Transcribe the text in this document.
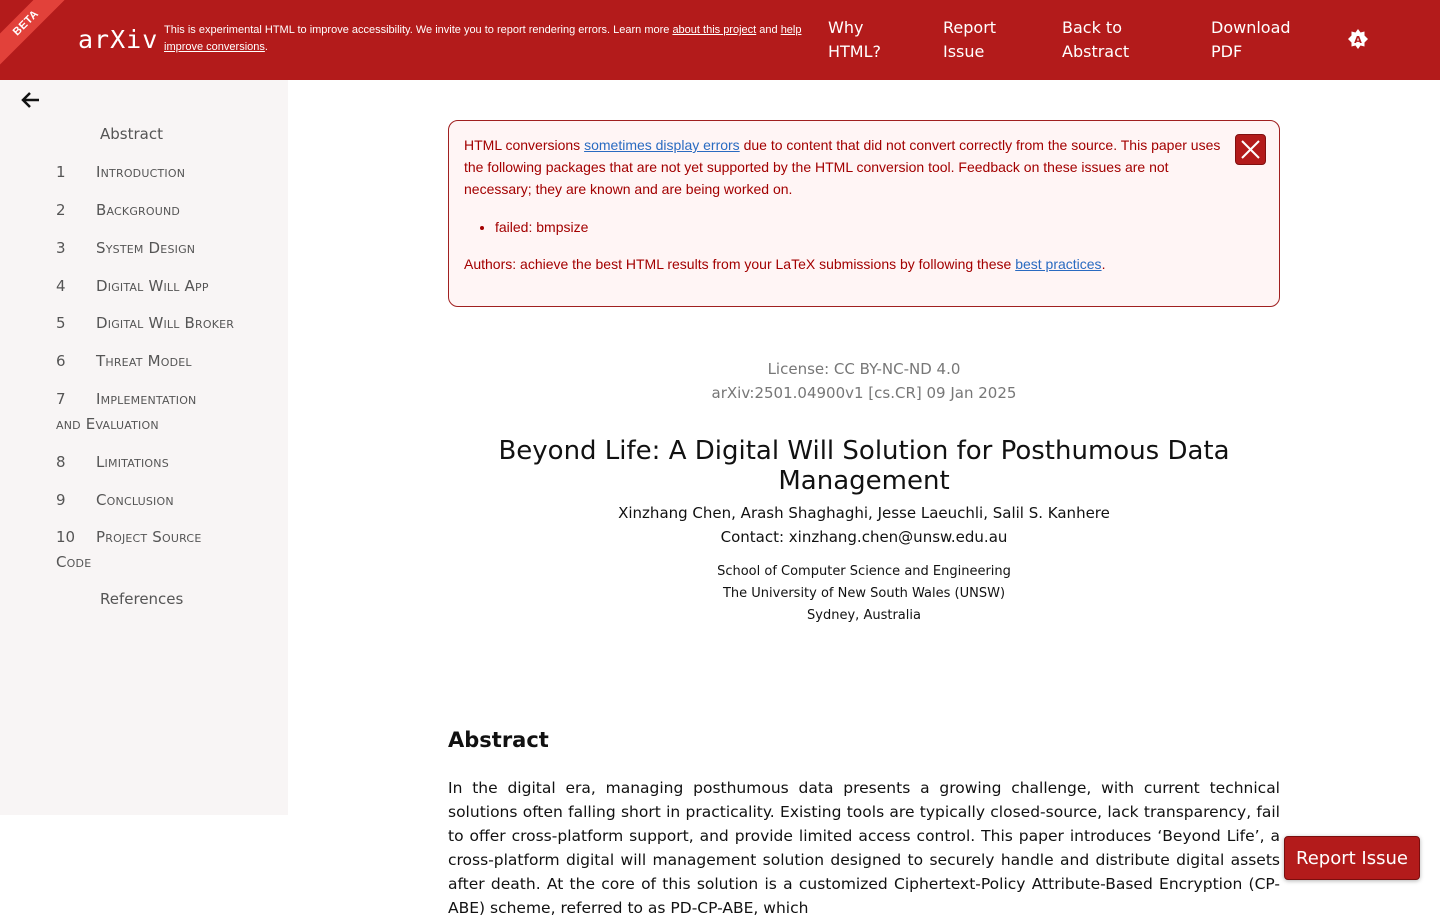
BETA
arXiv This is experimental HTML to improve accessibility. We invite you to report rendering errors. Learn more about this project and help improve conversions.
Why
HTML?
Report
Issue
Back to
Abstract
Download
PDF
A
Abstract
1 Introduction
2 Background
3 System Design
4 Digital Will App
5 Digital Will Broker
6 Threat Model
7 Implementation
and Evaluation
8 Limitations
9 Conclusion
10 Project Source
Code
References
HTML conversions sometimes display errors due to content that did not convert correctly from the source. This paper uses the following packages that are not yet supported by the HTML conversion tool. Feedback on these issues are not necessary; they are known and are being worked on.
• failed: bmpsize
Authors: achieve the best HTML results from your LaTeX submissions by following these best practices.
License: CC BY-NC-ND 4.0
arXiv:2501.04900v1 [cs.CR] 09 Jan 2025
Beyond Life: A Digital Will Solution for Posthumous Data Management
Xinzhang Chen, Arash Shaghaghi, Jesse Laeuchli, Salil S. Kanhere
Contact: xinzhang.chen@unsw.edu.au
School of Computer Science and Engineering
The University of New South Wales (UNSW)
Sydney, Australia
Abstract
In the digital era, managing posthumous data presents a growing challenge, with current technical solutions often falling short in practicality. Existing tools are typically closed-source, lack transparency, fail to offer cross-platform support, and provide limited access control. This paper introduces ‘Beyond Life’, a cross-platform digital will management solution designed to securely handle and distribute digital assets after death. At the core of this solution is a customized Ciphertext-Policy Attribute-Based Encryption (CP-ABE) scheme, referred to as PD-CP-ABE, which
Report Issue
